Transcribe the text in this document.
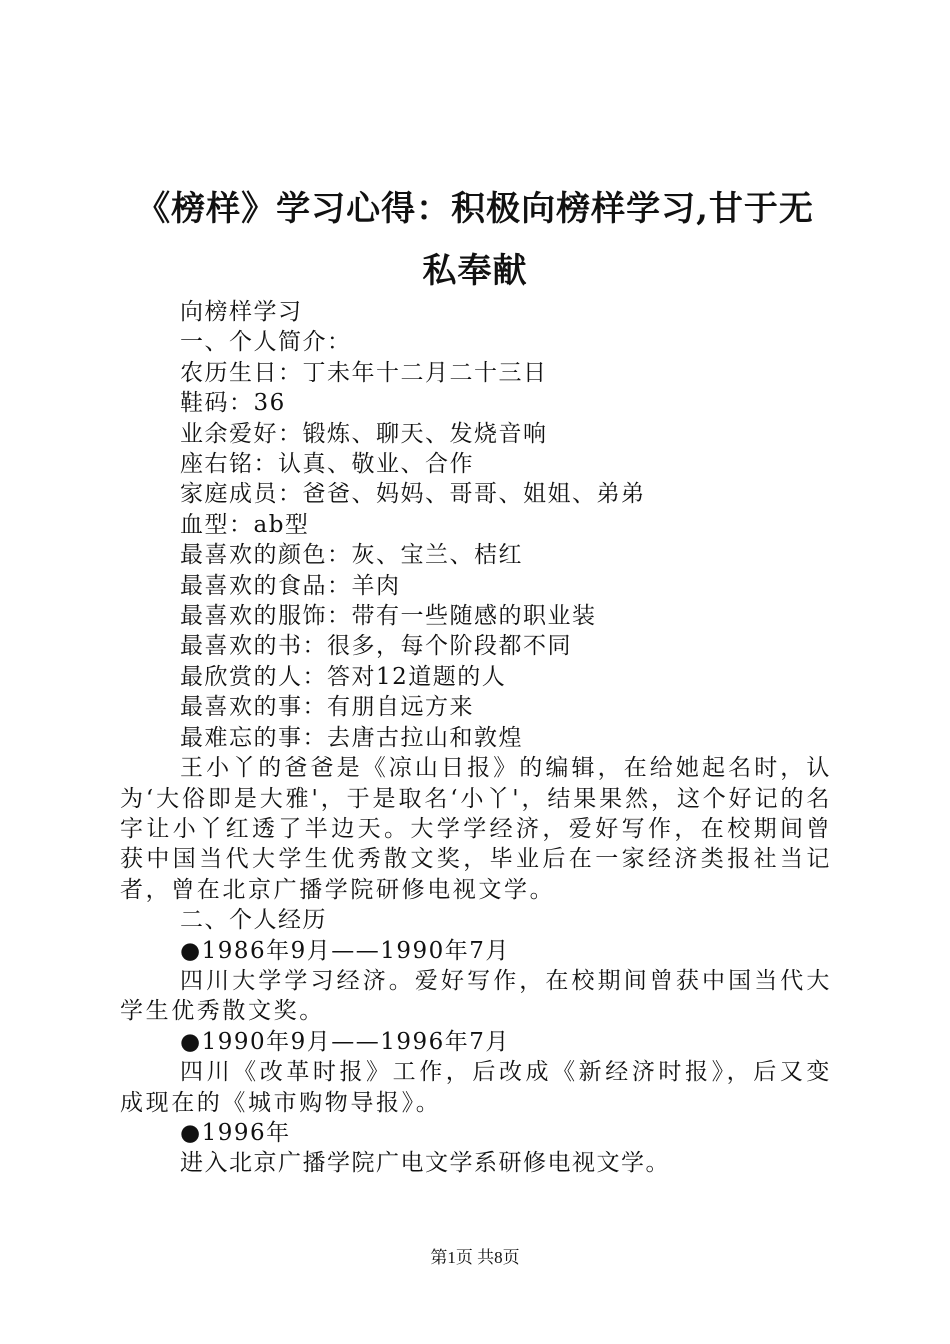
《榜样》学习心得：积极向榜样学习,甘于无私奉献

向榜样学习

一、个人简介：

农历生日：丁未年十二月二十三日

鞋码：36

业余爱好：锻炼、聊天、发烧音响

座右铭：认真、敬业、合作

家庭成员：爸爸、妈妈、哥哥、姐姐、弟弟

血型：ab型

最喜欢的颜色：灰、宝兰、桔红

最喜欢的食品：羊肉

最喜欢的服饰：带有一些随感的职业装

最喜欢的书：很多，每个阶段都不同

最欣赏的人：答对12道题的人

最喜欢的事：有朋自远方来

最难忘的事：去唐古拉山和敦煌

王小丫的爸爸是《凉山日报》的编辑，在给她起名时，认为‘大俗即是大雅'，于是取名‘小丫'，结果果然，这个好记的名字让小丫红透了半边天。大学学经济，爱好写作，在校期间曾获中国当代大学生优秀散文奖，毕业后在一家经济类报社当记者，曾在北京广播学院研修电视文学。

二、个人经历

●1986年9月——1990年7月

四川大学学习经济。爱好写作，在校期间曾获中国当代大学生优秀散文奖。

●1990年9月——1996年7月

四川《改革时报》工作，后改成《新经济时报》，后又变成现在的《城市购物导报》。

●1996年

进入北京广播学院广电文学系研修电视文学。

第1页 共8页
